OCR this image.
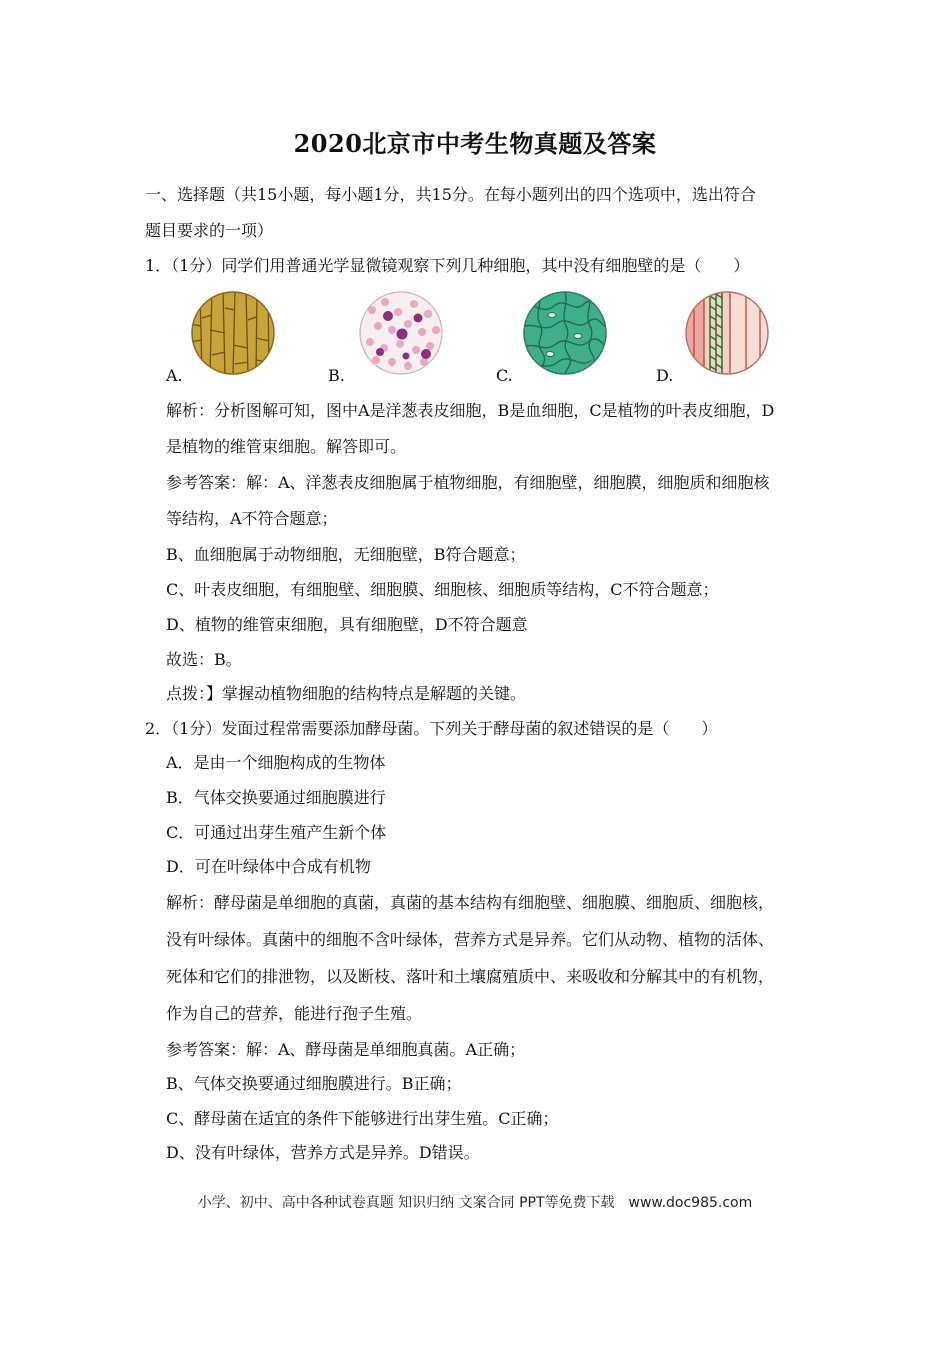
2020北京市中考生物真题及答案
一、选择题（共15小题，每小题1分，共15分。在每小题列出的四个选项中，选出符合
题目要求的一项）
1．（1分）同学们用普通光学显微镜观察下列几种细胞，其中没有细胞壁的是（　　）
A.	B.	C.	D.
解析：分析图解可知，图中A是洋葱表皮细胞，B是血细胞，C是植物的叶表皮细胞，D
是植物的维管束细胞。解答即可。
参考答案：解：A、洋葱表皮细胞属于植物细胞，有细胞壁，细胞膜，细胞质和细胞核
等结构，A不符合题意；
B、血细胞属于动物细胞，无细胞壁，B符合题意；
C、叶表皮细胞，有细胞壁、细胞膜、细胞核、细胞质等结构，C不符合题意；
D、植物的维管束细胞，具有细胞壁，D不符合题意
故选：B。
点拨：】掌握动植物细胞的结构特点是解题的关键。
2．（1分）发面过程常需要添加酵母菌。下列关于酵母菌的叙述错误的是（　　）
A．是由一个细胞构成的生物体
B．气体交换要通过细胞膜进行
C．可通过出芽生殖产生新个体
D．可在叶绿体中合成有机物
解析：酵母菌是单细胞的真菌，真菌的基本结构有细胞壁、细胞膜、细胞质、细胞核，
没有叶绿体。真菌中的细胞不含叶绿体，营养方式是异养。它们从动物、植物的活体、
死体和它们的排泄物，以及断枝、落叶和土壤腐殖质中、来吸收和分解其中的有机物，
作为自己的营养，能进行孢子生殖。
参考答案：解：A、酵母菌是单细胞真菌。A正确；
B、气体交换要通过细胞膜进行。B正确；
C、酵母菌在适宜的条件下能够进行出芽生殖。C正确；
D、没有叶绿体，营养方式是异养。D错误。
小学、初中、高中各种试卷真题 知识归纳 文案合同 PPT等免费下载　www.doc985.com
